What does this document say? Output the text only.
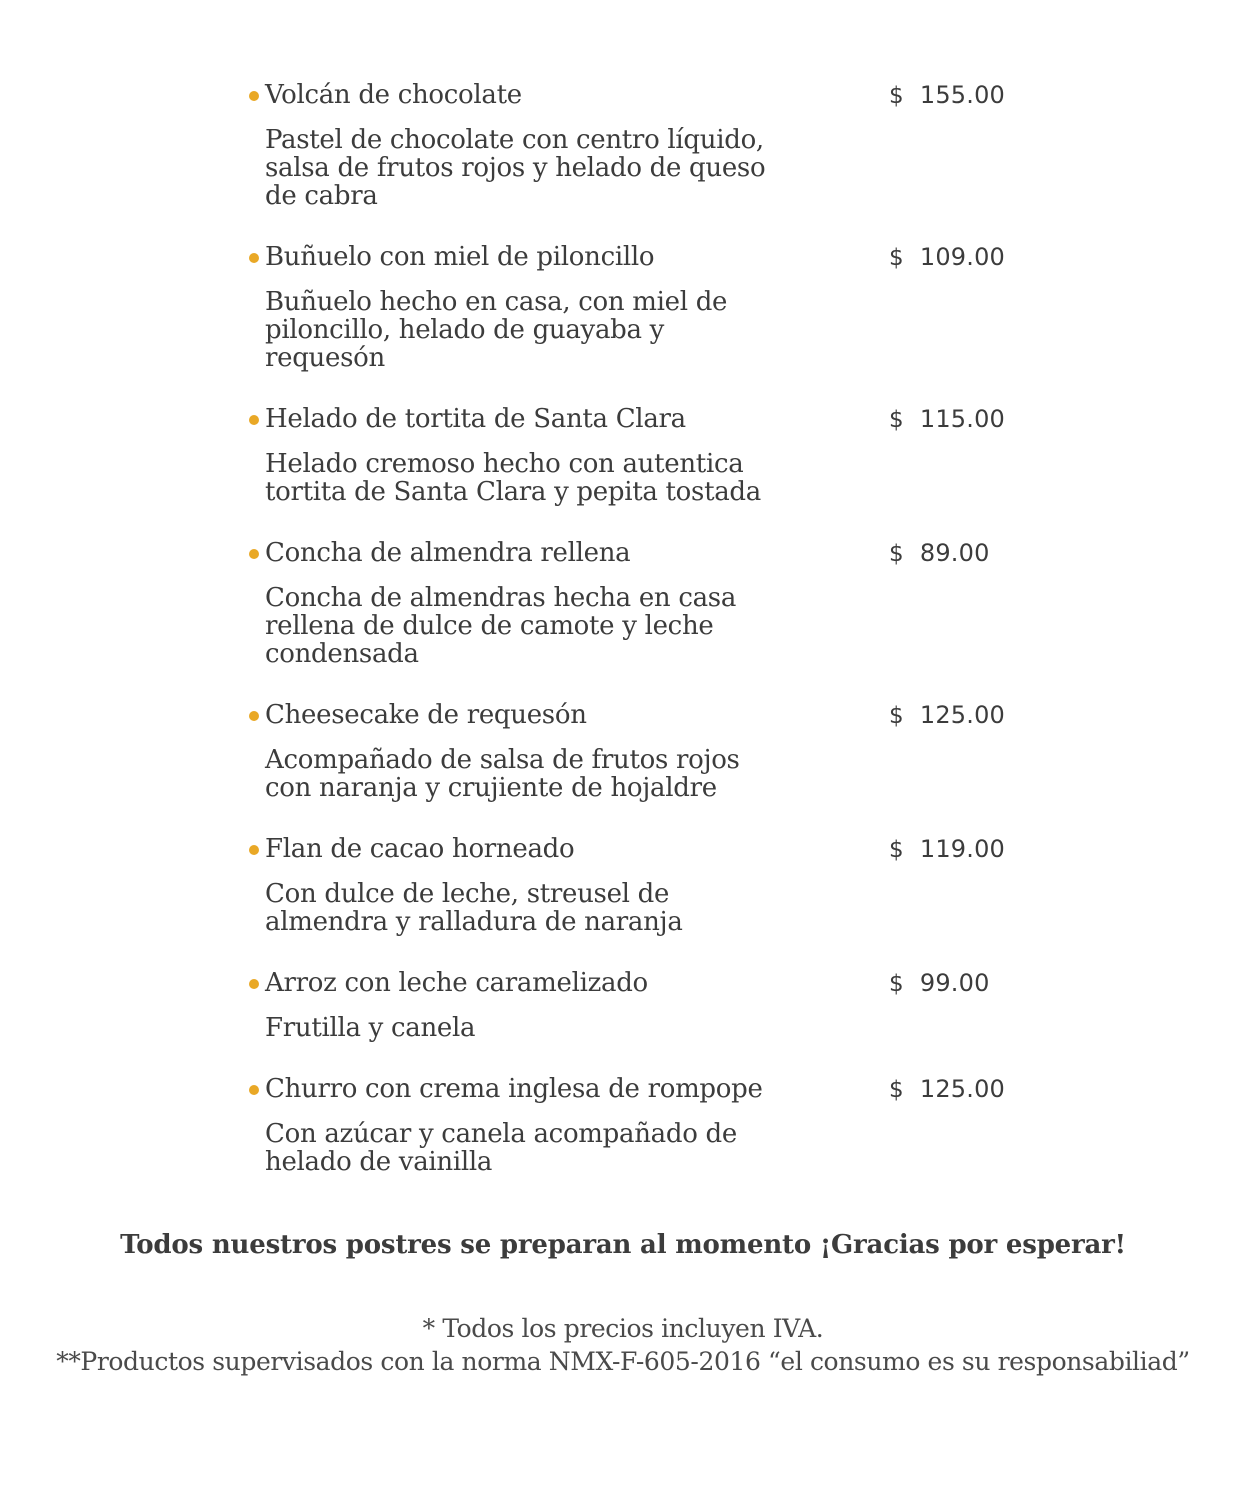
Volcán de chocolate	$ 155.00
Pastel de chocolate con centro líquido,
salsa de frutos rojos y helado de queso
de cabra
Buñuelo con miel de piloncillo	$ 109.00
Buñuelo hecho en casa, con miel de
piloncillo, helado de guayaba y
requesón
Helado de tortita de Santa Clara	$ 115.00
Helado cremoso hecho con autentica
tortita de Santa Clara y pepita tostada
Concha de almendra rellena	$ 89.00
Concha de almendras hecha en casa
rellena de dulce de camote y leche
condensada
Cheesecake de requesón	$ 125.00
Acompañado de salsa de frutos rojos
con naranja y crujiente de hojaldre
Flan de cacao horneado	$ 119.00
Con dulce de leche, streusel de
almendra y ralladura de naranja
Arroz con leche caramelizado	$ 99.00
Frutilla y canela
Churro con crema inglesa de rompope	$ 125.00
Con azúcar y canela acompañado de
helado de vainilla
Todos nuestros postres se preparan al momento ¡Gracias por esperar!
* Todos los precios incluyen IVA.
**Productos supervisados con la norma NMX-F-605-2016 “el consumo es su responsabiliad”
